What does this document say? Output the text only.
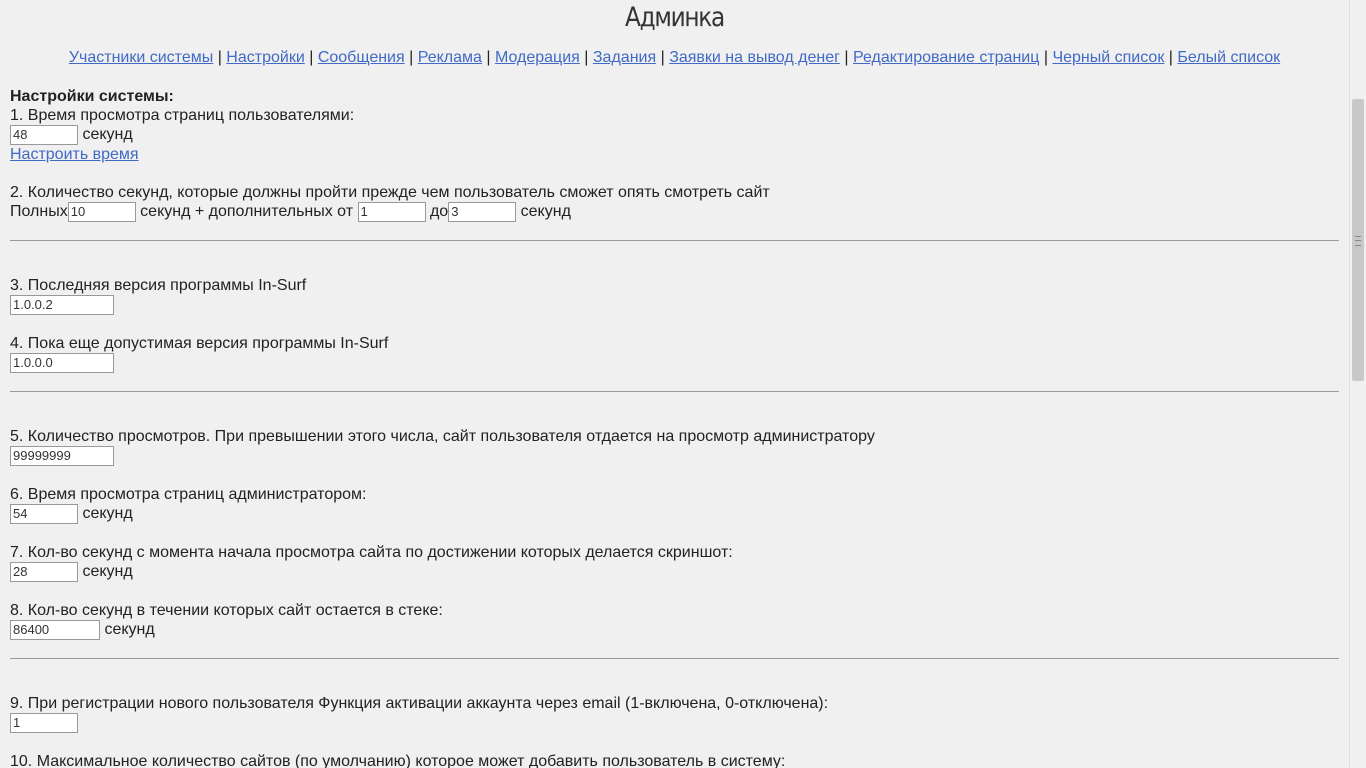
Админка
Участники системы | Настройки | Сообщения | Реклама | Модерация | Задания | Заявки на вывод денег | Редактирование страниц | Черный список | Белый список
Настройки системы:
1. Время просмотра страниц пользователями:
48 секунд
Настроить время
2. Количество секунд, которые должны пройти прежде чем пользователь сможет опять смотреть сайт
Полных10	секунд + дополнительных от 1	до3	секунд
3. Последняя версия программы In-Surf
1.0.0.2
4. Пока еще допустимая версия программы In-Surf
1.0.0.0
5. Количество просмотров. При превышении этого числа, сайт пользователя отдается на просмотр администратору
99999999
6. Время просмотра страниц администратором:
54 секунд
7. Кол-во секунд с момента начала просмотра сайта по достижении которых делается скриншот:
28 секунд
8. Кол-во секунд в течении которых сайт остается в стеке:
86400 секунд
9. При регистрации нового пользователя Функция активации аккаунта через email (1-включена, 0-отключена):
1
10. Максимальное количество сайтов (по умолчанию) которое может добавить пользователь в систему:
